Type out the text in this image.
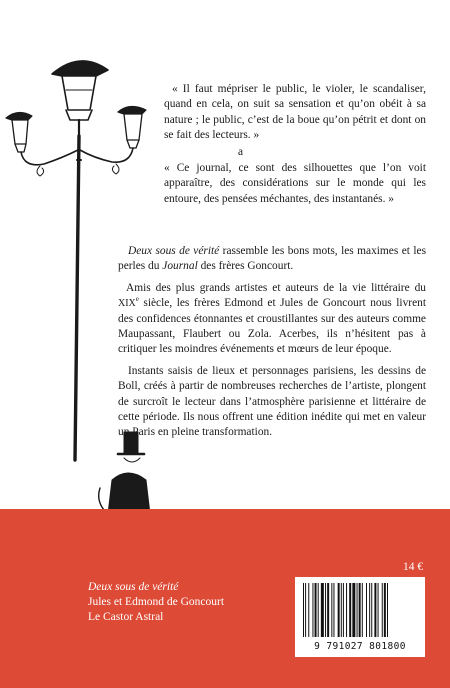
« Il faut mépriser le public, le violer, le scandaliser, quand en cela, on suit sa sensation et qu’on obéit à sa nature ; le public, c’est de la boue qu’on pétrit et dont on se fait des lecteurs. »

a

« Ce journal, ce sont des silhouettes que l’on voit apparaître, des considérations sur le monde qui les entoure, des pensées méchantes, des instantanés. »

Deux sous de vérité rassemble les bons mots, les maximes et les perles du Journal des frères Goncourt.

Amis des plus grands artistes et auteurs de la vie littéraire du XIXe siècle, les frères Edmond et Jules de Goncourt nous livrent des confidences étonnantes et croustillantes sur des auteurs comme Maupassant, Flaubert ou Zola. Acerbes, ils n’hésitent pas à critiquer les moindres événements et mœurs de leur époque.

Instants saisis de lieux et personnages parisiens, les dessins de Boll, créés à partir de nombreuses recherches de l’artiste, plongent de surcroît le lecteur dans l’atmosphère parisienne et littéraire de cette période. Ils nous offrent une édition inédite qui met en valeur un Paris en pleine transformation.

14 €
Deux sous de vérité
Jules et Edmond de Goncourt
Le Castor Astral
9 791027 801800
